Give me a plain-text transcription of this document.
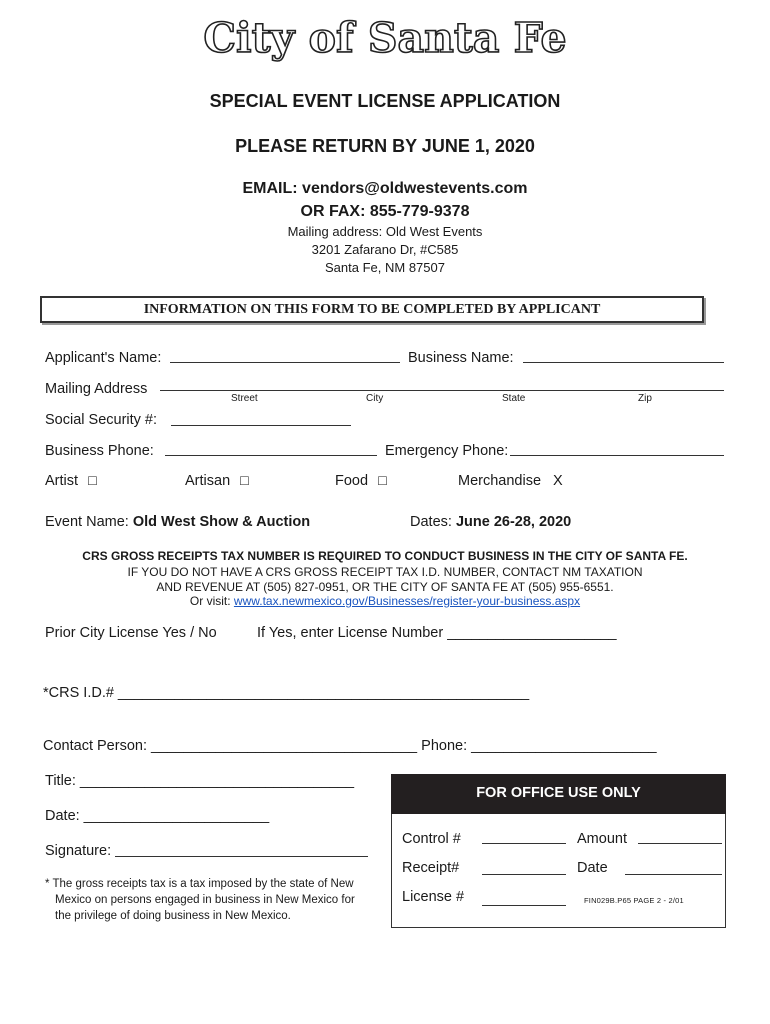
City of Santa Fe
SPECIAL EVENT LICENSE APPLICATION
PLEASE RETURN BY JUNE 1, 2020
EMAIL: vendors@oldwestevents.com
OR FAX: 855-779-9378
Mailing address: Old West Events
3201 Zafarano Dr, #C585
Santa Fe, NM 87507
INFORMATION ON THIS FORM TO BE COMPLETED BY APPLICANT
Applicant's Name:	Business Name:
Mailing Address
Street	City	State	Zip
Social Security #:
Business Phone:	Emergency Phone:
Artist □	Artisan □	Food □	Merchandise X
Event Name: Old West Show & Auction	Dates: June 26-28, 2020
CRS GROSS RECEIPTS TAX NUMBER IS REQUIRED TO CONDUCT BUSINESS IN THE CITY OF SANTA FE.
IF YOU DO NOT HAVE A CRS GROSS RECEIPT TAX I.D. NUMBER, CONTACT NM TAXATION
AND REVENUE AT (505) 827-0951, OR THE CITY OF SANTA FE AT (505) 955-6551.
Or visit: www.tax.newmexico.gov/Businesses/register-your-business.aspx
Prior City License Yes / No	If Yes, enter License Number _____________________
*CRS I.D.# ___________________________________________________
Contact Person: _________________________________ Phone: _______________________
Title: __________________________________
Date: _______________________
Signature:
* The gross receipts tax is a tax imposed by the state of New
Mexico on persons engaged in business in New Mexico for
the privilege of doing business in New Mexico.
FOR OFFICE USE ONLY
Control #	Amount
Receipt#	Date
License #	FIN029B.P65 PAGE 2 - 2/01
